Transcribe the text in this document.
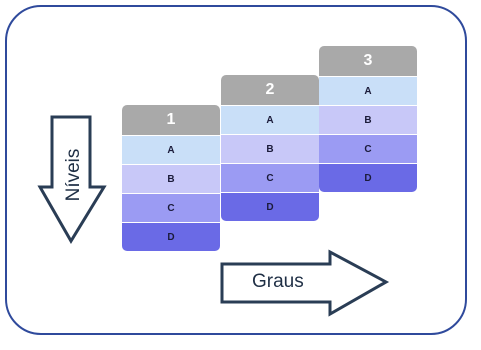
1
A
B
C
D
2
A
B
C
D
3
A
B
C
D
Níveis
Graus
